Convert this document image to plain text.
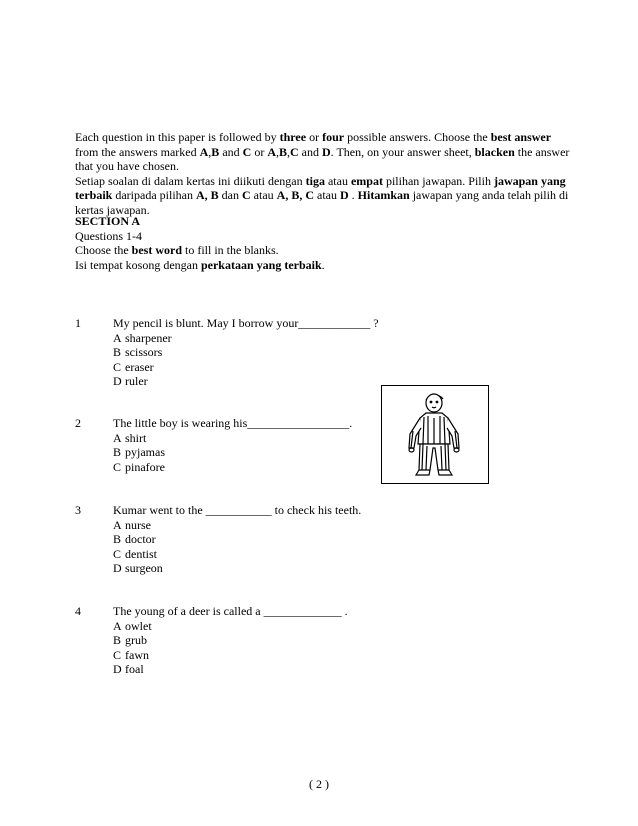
Each question in this paper is followed by three or four possible answers. Choose the best answer from the answers marked A,B and C or A,B,C and D. Then, on your answer sheet, blacken the answer that you have chosen.

Setiap soalan di dalam kertas ini diikuti dengan tiga atau empat pilihan jawapan. Pilih jawapan yang terbaik daripada pilihan A, B dan C atau A, B, C atau D . Hitamkan jawapan yang anda telah pilih di kertas jawapan.

SECTION A

Questions 1-4

Choose the best word to fill in the blanks.

Isi tempat kosong dengan perkataan yang terbaik.

1	My pencil is blunt. May I borrow your____________ ?
A sharpener
B scissors
C eraser
D ruler
2	The little boy is wearing his_________________.
A shirt
B pyjamas
C pinafore
3	Kumar went to the ___________ to check his teeth.
A nurse
B doctor
C dentist
D surgeon
4	The young of a deer is called a _____________ .
A owlet
B grub
C fawn
D foal
( 2 )
